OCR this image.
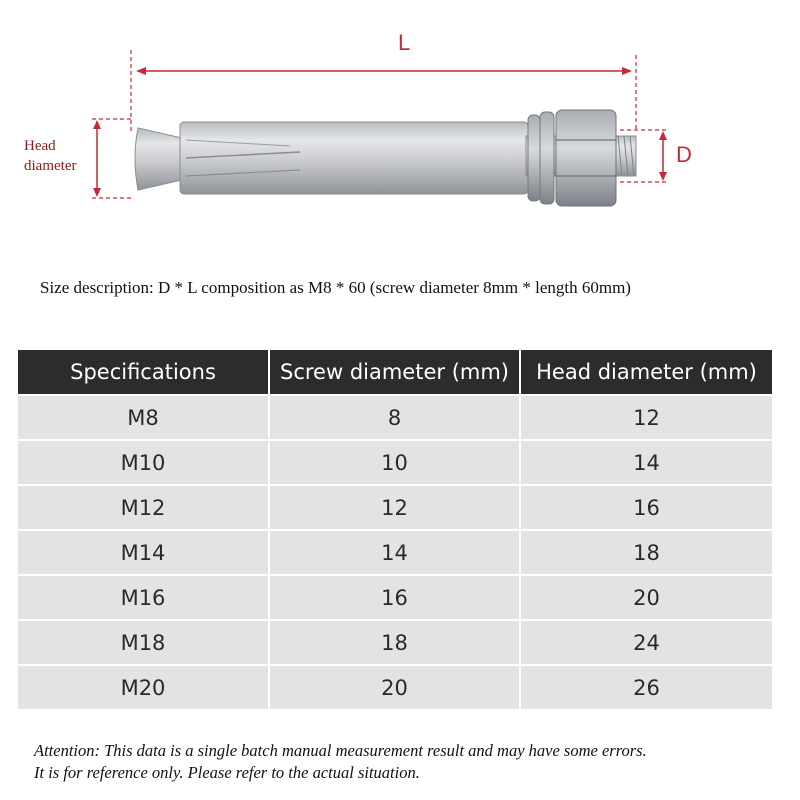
L
D
Head
diameter
Size description: D * L composition as M8 * 60 (screw diameter 8mm * length 60mm)
Specifications	Screw diameter (mm)	Head diameter (mm)
M8	8	12
M10	10	14
M12	12	16
M14	14	18
M16	16	20
M18	18	24
M20	20	26
Attention: This data is a single batch manual measurement result and may have some errors.
It is for reference only. Please refer to the actual situation.
